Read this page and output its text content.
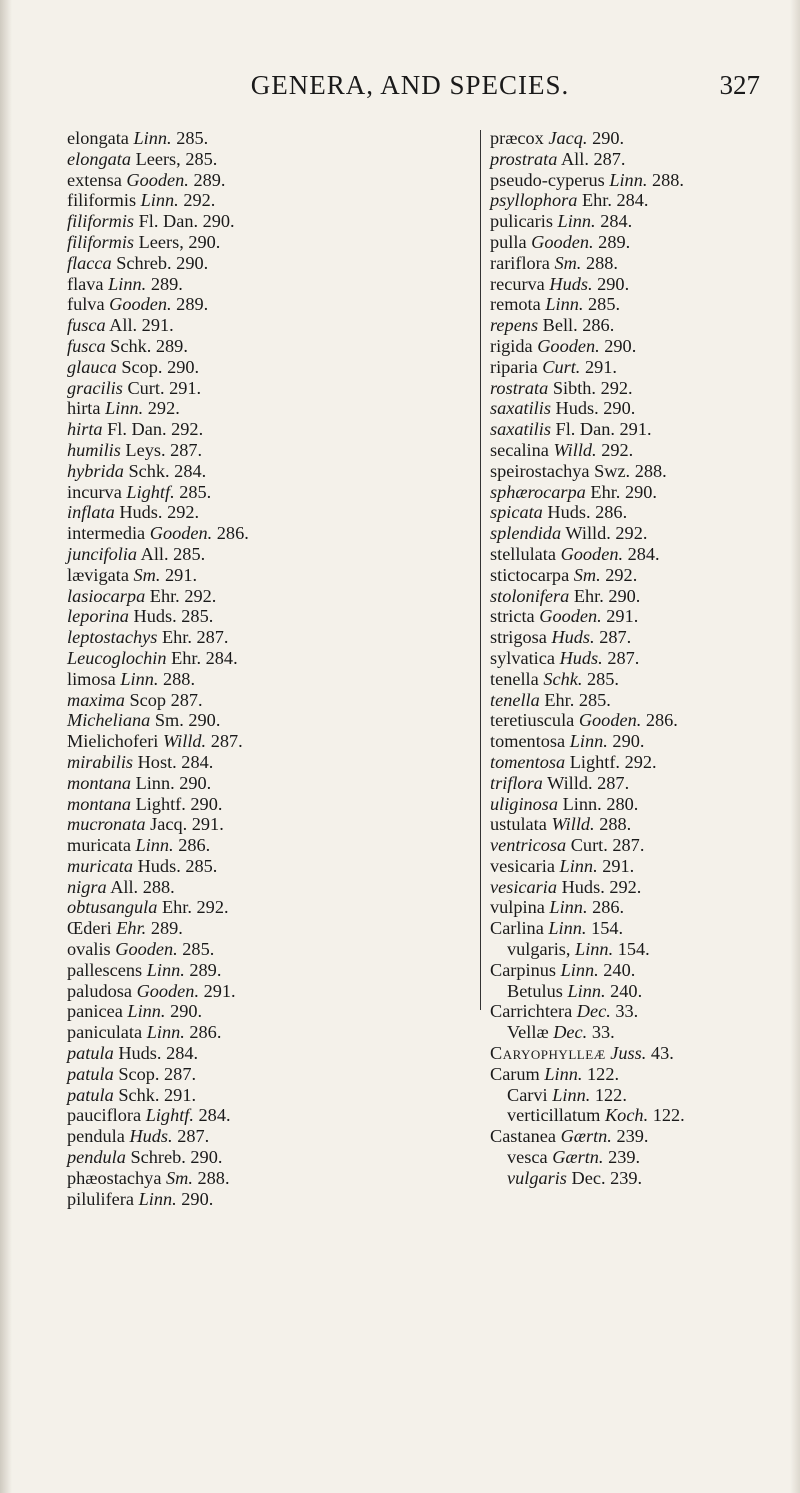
GENERA, AND SPECIES.	327
elongata Linn. 285.
elongata Leers, 285.
extensa Gooden. 289.
filiformis Linn. 292.
filiformis Fl. Dan. 290.
filiformis Leers, 290.
flacca Schreb. 290.
flava Linn. 289.
fulva Gooden. 289.
fusca All. 291.
fusca Schk. 289.
glauca Scop. 290.
gracilis Curt. 291.
hirta Linn. 292.
hirta Fl. Dan. 292.
humilis Leys. 287.
hybrida Schk. 284.
incurva Lightf. 285.
inflata Huds. 292.
intermedia Gooden. 286.
juncifolia All. 285.
lævigata Sm. 291.
lasiocarpa Ehr. 292.
leporina Huds. 285.
leptostachys Ehr. 287.
Leucoglochin Ehr. 284.
limosa Linn. 288.
maxima Scop 287.
Micheliana Sm. 290.
Mielichoferi Willd. 287.
mirabilis Host. 284.
montana Linn. 290.
montana Lightf. 290.
mucronata Jacq. 291.
muricata Linn. 286.
muricata Huds. 285.
nigra All. 288.
obtusangula Ehr. 292.
Œderi Ehr. 289.
ovalis Gooden. 285.
pallescens Linn. 289.
paludosa Gooden. 291.
panicea Linn. 290.
paniculata Linn. 286.
patula Huds. 284.
patula Scop. 287.
patula Schk. 291.
pauciflora Lightf. 284.
pendula Huds. 287.
pendula Schreb. 290.
phæostachya Sm. 288.
pilulifera Linn. 290.
præcox Jacq. 290.
prostrata All. 287.
pseudo-cyperus Linn. 288.
psyllophora Ehr. 284.
pulicaris Linn. 284.
pulla Gooden. 289.
rariflora Sm. 288.
recurva Huds. 290.
remota Linn. 285.
repens Bell. 286.
rigida Gooden. 290.
riparia Curt. 291.
rostrata Sibth. 292.
saxatilis Huds. 290.
saxatilis Fl. Dan. 291.
secalina Willd. 292.
speirostachya Swz. 288.
sphærocarpa Ehr. 290.
spicata Huds. 286.
splendida Willd. 292.
stellulata Gooden. 284.
stictocarpa Sm. 292.
stolonifera Ehr. 290.
stricta Gooden. 291.
strigosa Huds. 287.
sylvatica Huds. 287.
tenella Schk. 285.
tenella Ehr. 285.
teretiuscula Gooden. 286.
tomentosa Linn. 290.
tomentosa Lightf. 292.
triflora Willd. 287.
uliginosa Linn. 280.
ustulata Willd. 288.
ventricosa Curt. 287.
vesicaria Linn. 291.
vesicaria Huds. 292.
vulpina Linn. 286.
Carlina Linn. 154.
vulgaris, Linn. 154.
Carpinus Linn. 240.
Betulus Linn. 240.
Carrichtera Dec. 33.
Vellæ Dec. 33.
Caryophylleæ Juss. 43.
Carum Linn. 122.
Carvi Linn. 122.
verticillatum Koch. 122.
Castanea Gærtn. 239.
vesca Gærtn. 239.
vulgaris Dec. 239.
